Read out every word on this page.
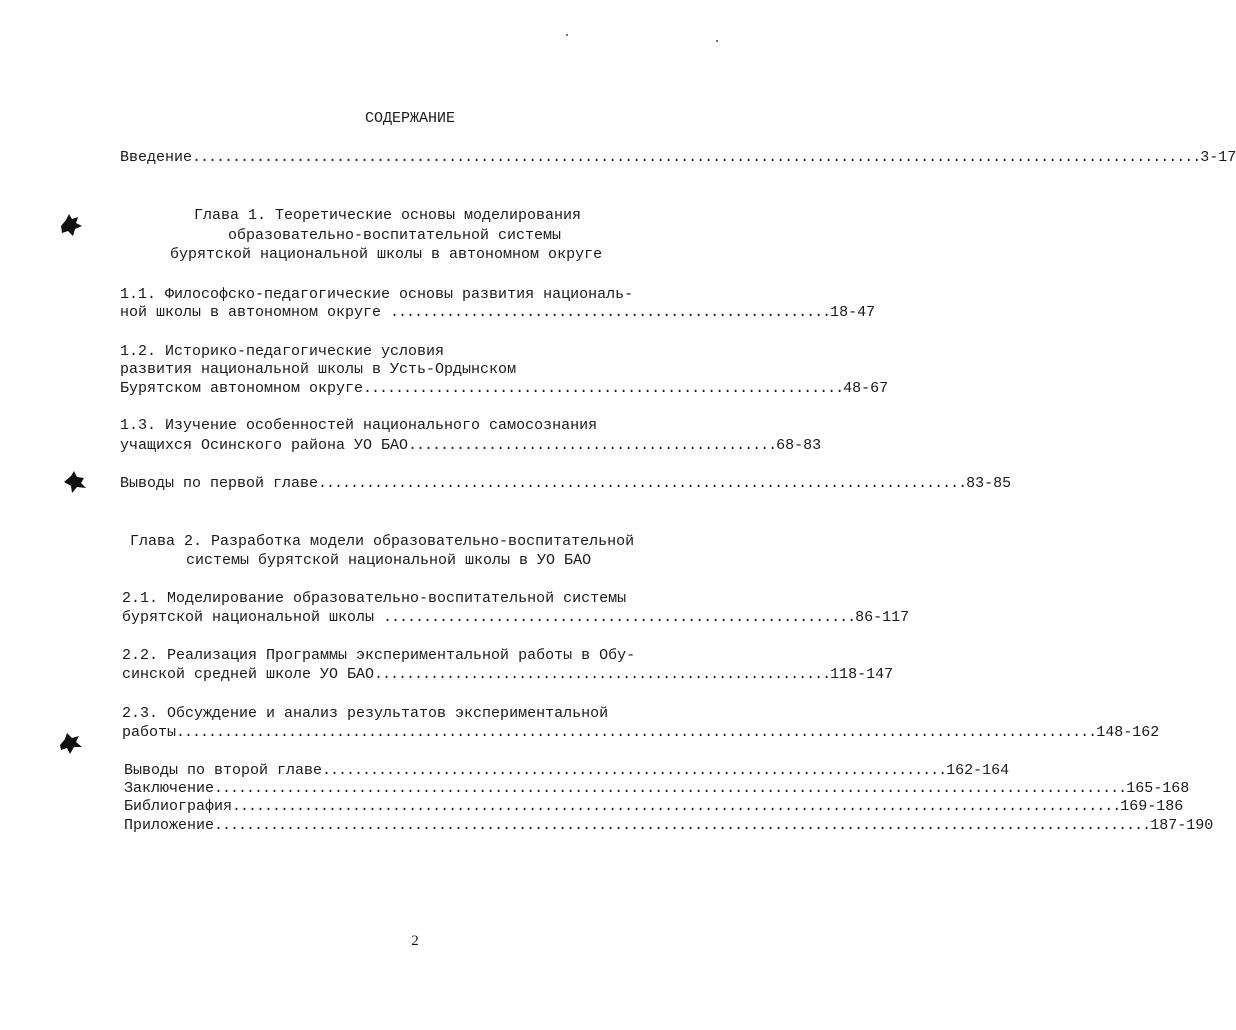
СОДЕРЖАНИЕ
Введение..............................................................................................................................3-17
Глава 1. Теоретические основы моделирования
образовательно-воспитательной системы
бурятской национальной школы в автономном округе
1.1. Философско-педагогические основы развития националь-
ной школы в автономном округе .......................................................18-47
1.2. Историко-педагогические условия
развития национальной школы в Усть-Ордынском
Бурятском автономном округе............................................................48-67
1.3. Изучение особенностей национального самосознания
учащихся Осинского района УО БАО..............................................68-83
Выводы по первой главе.................................................................................83-85
Глава 2. Разработка модели образовательно-воспитательной
системы бурятской национальной школы в УО БАО
2.1. Моделирование образовательно-воспитательной системы
бурятской национальной школы ...........................................................86-117
2.2. Реализация Программы экспериментальной работы в Обу-
синской средней школе УО БАО.........................................................118-147
2.3. Обсуждение и анализ результатов экспериментальной
работы...................................................................................................................148-162
Выводы по второй главе..............................................................................162-164
Заключение..................................................................................................................165-168
Библиография...............................................................................................................169-186
Приложение.....................................................................................................................187-190
2
